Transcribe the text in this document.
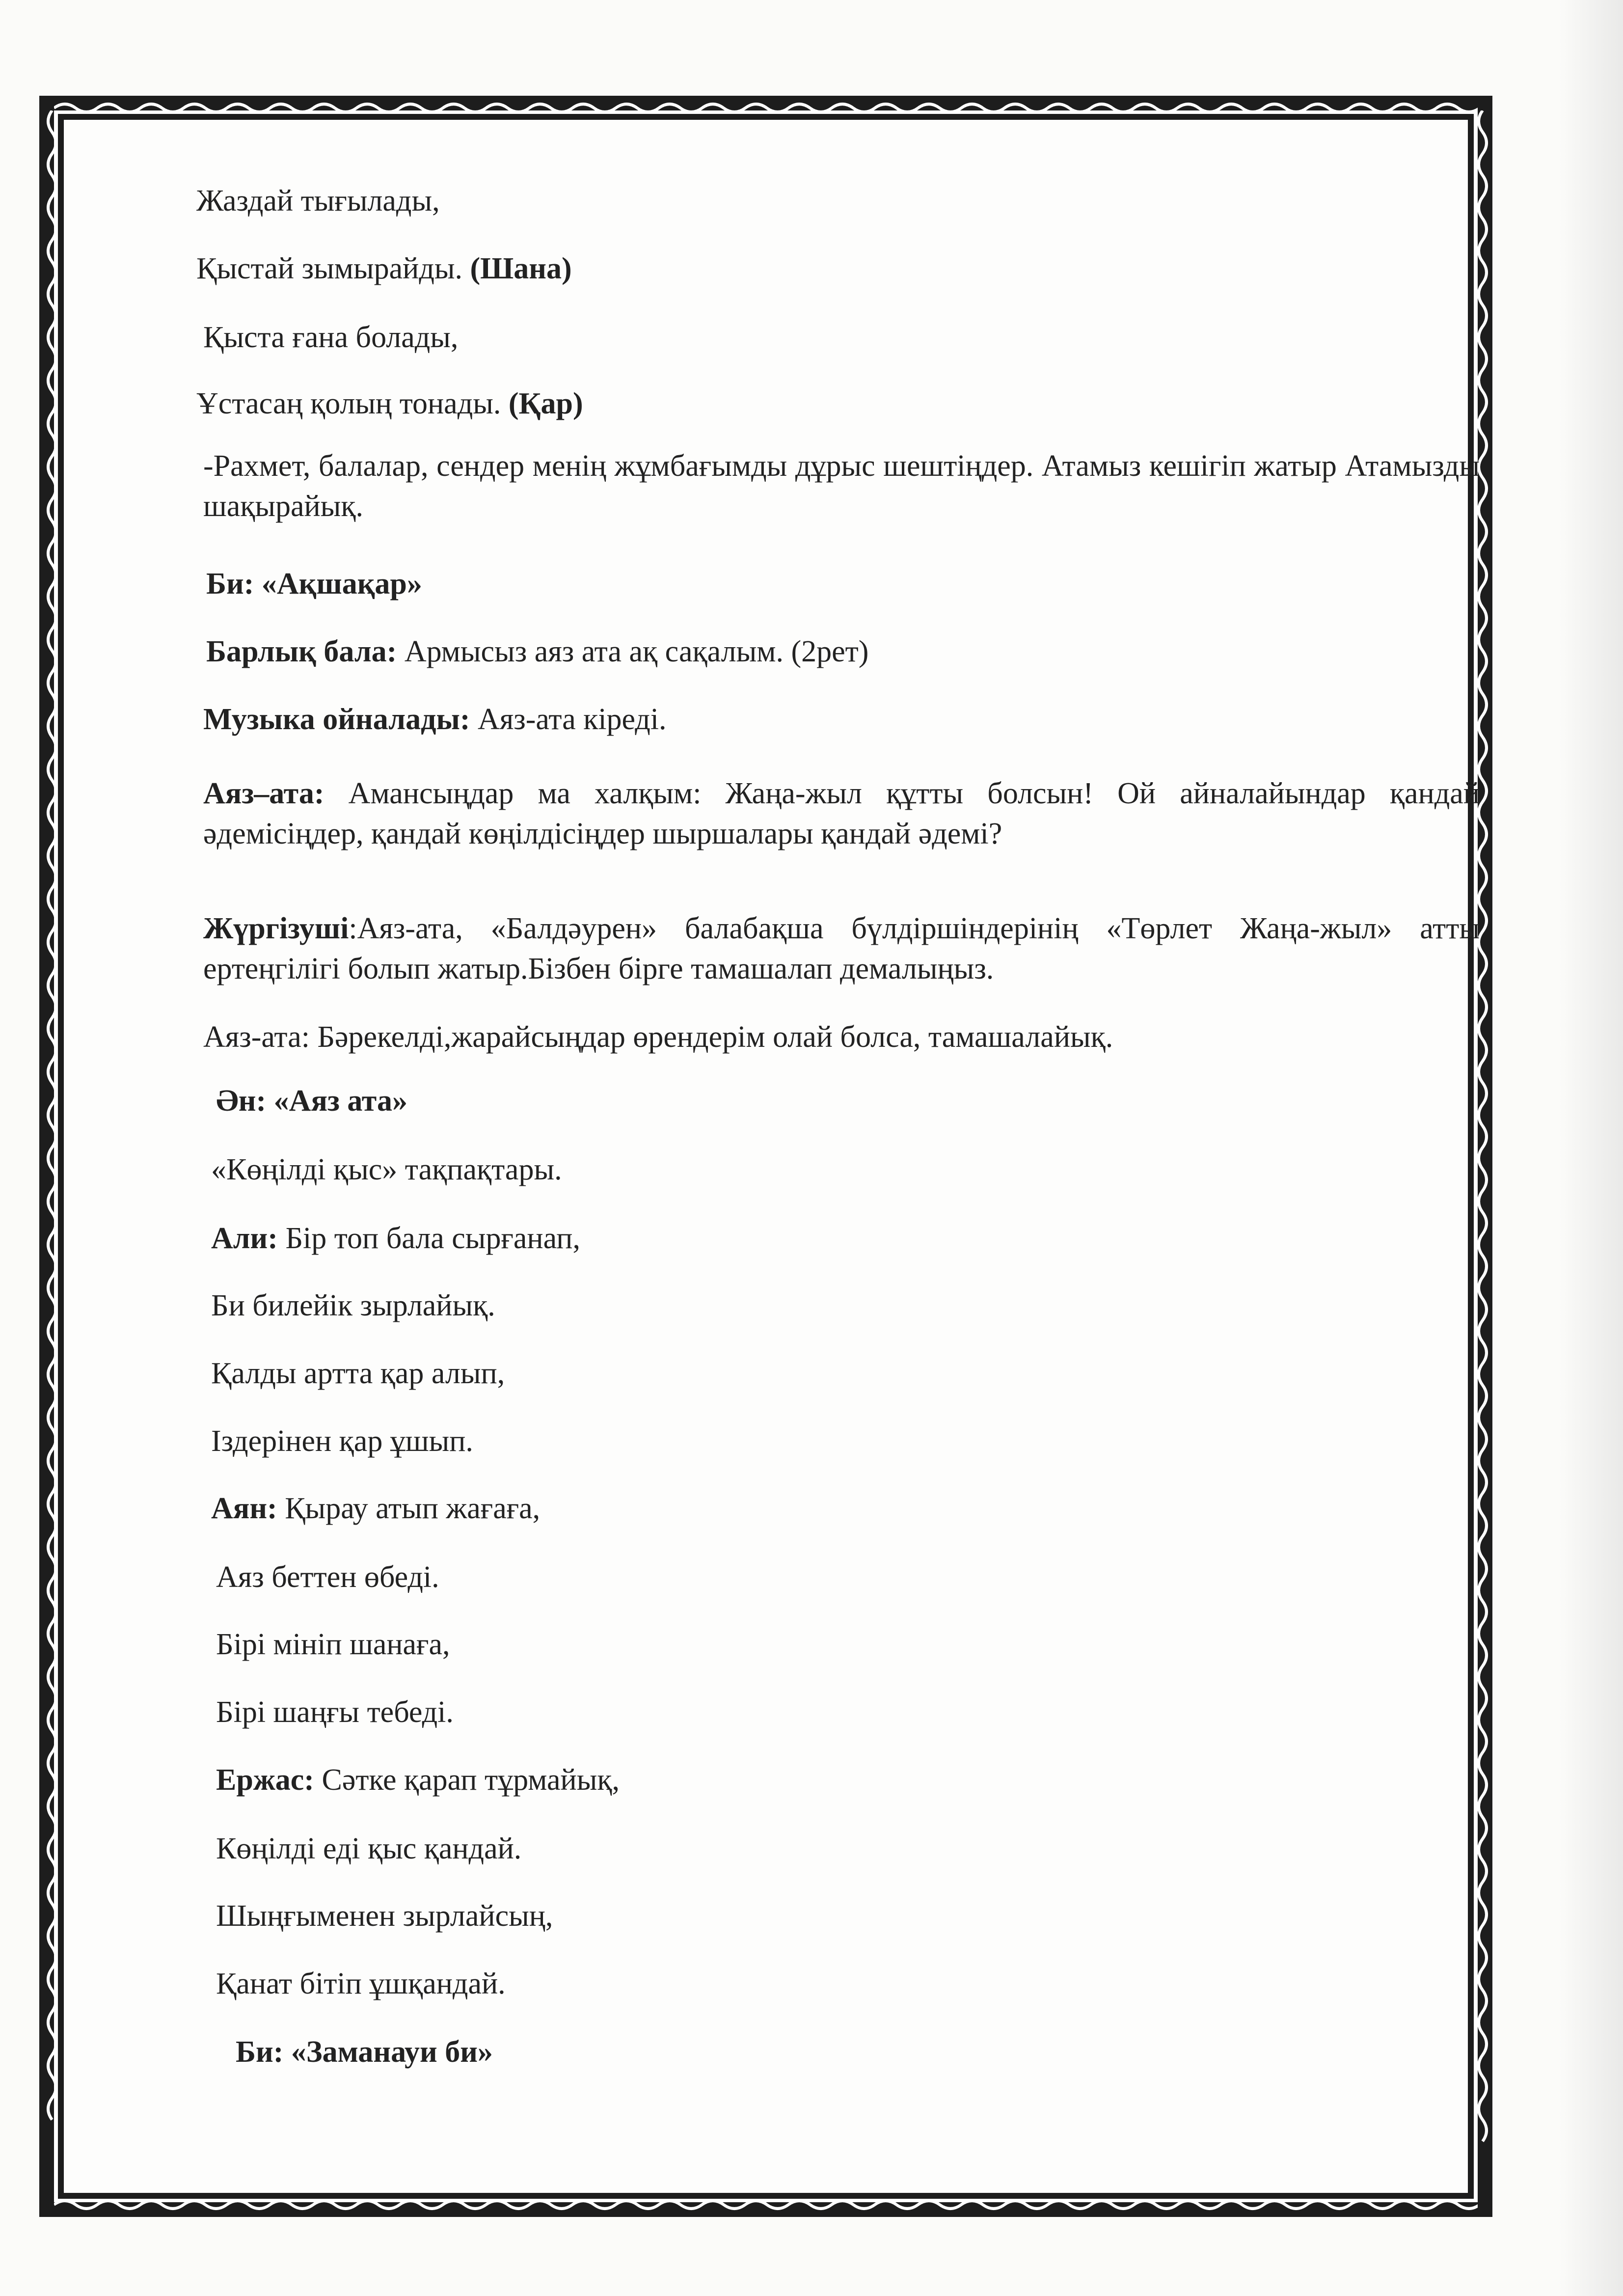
Жаздай тығылады,
Қыстай зымырайды. (Шана)
Қыста ғана болады,
Ұстасаң қолың тонады. (Қар)
-Рахмет, балалар, сендер менің жұмбағымды дұрыс шештіңдер. Атамыз кешігіп жатыр Атамызды шақырайық.
Би: «Ақшақар»
Барлық бала: Армысыз аяз ата ақ сақалым. (2рет)
Музыка ойналады: Аяз-ата кіреді.
Аяз–ата: Амансыңдар ма халқым: Жаңа-жыл құтты болсын! Ой айналайындар қандай әдемісіңдер, қандай көңілдісіңдер шыршалары қандай әдемі?
Жүргізуші:Аяз-ата, «Балдәурен» балабақша бүлдіршіндерінің «Төрлет Жаңа-жыл» атты ертеңгілігі болып жатыр.Бізбен бірге тамашалап демалыңыз.
Аяз-ата: Бәрекелді,жарайсыңдар өрендерім олай болса, тамашалайық.
Ән: «Аяз ата»
«Көңілді қыс» тақпақтары.
Али: Бір топ бала сырғанап,
Би билейік зырлайық.
Қалды артта қар алып,
Іздерінен қар ұшып.
Аян: Қырау атып жағаға,
Аяз беттен өбеді.
Бірі мініп шанаға,
Бірі шаңғы тебеді.
Ержас: Сәтке қарап тұрмайық,
Көңілді еді қыс қандай.
Шыңғыменен зырлайсың,
Қанат бітіп ұшқандай.
Би: «Заманауи би»
